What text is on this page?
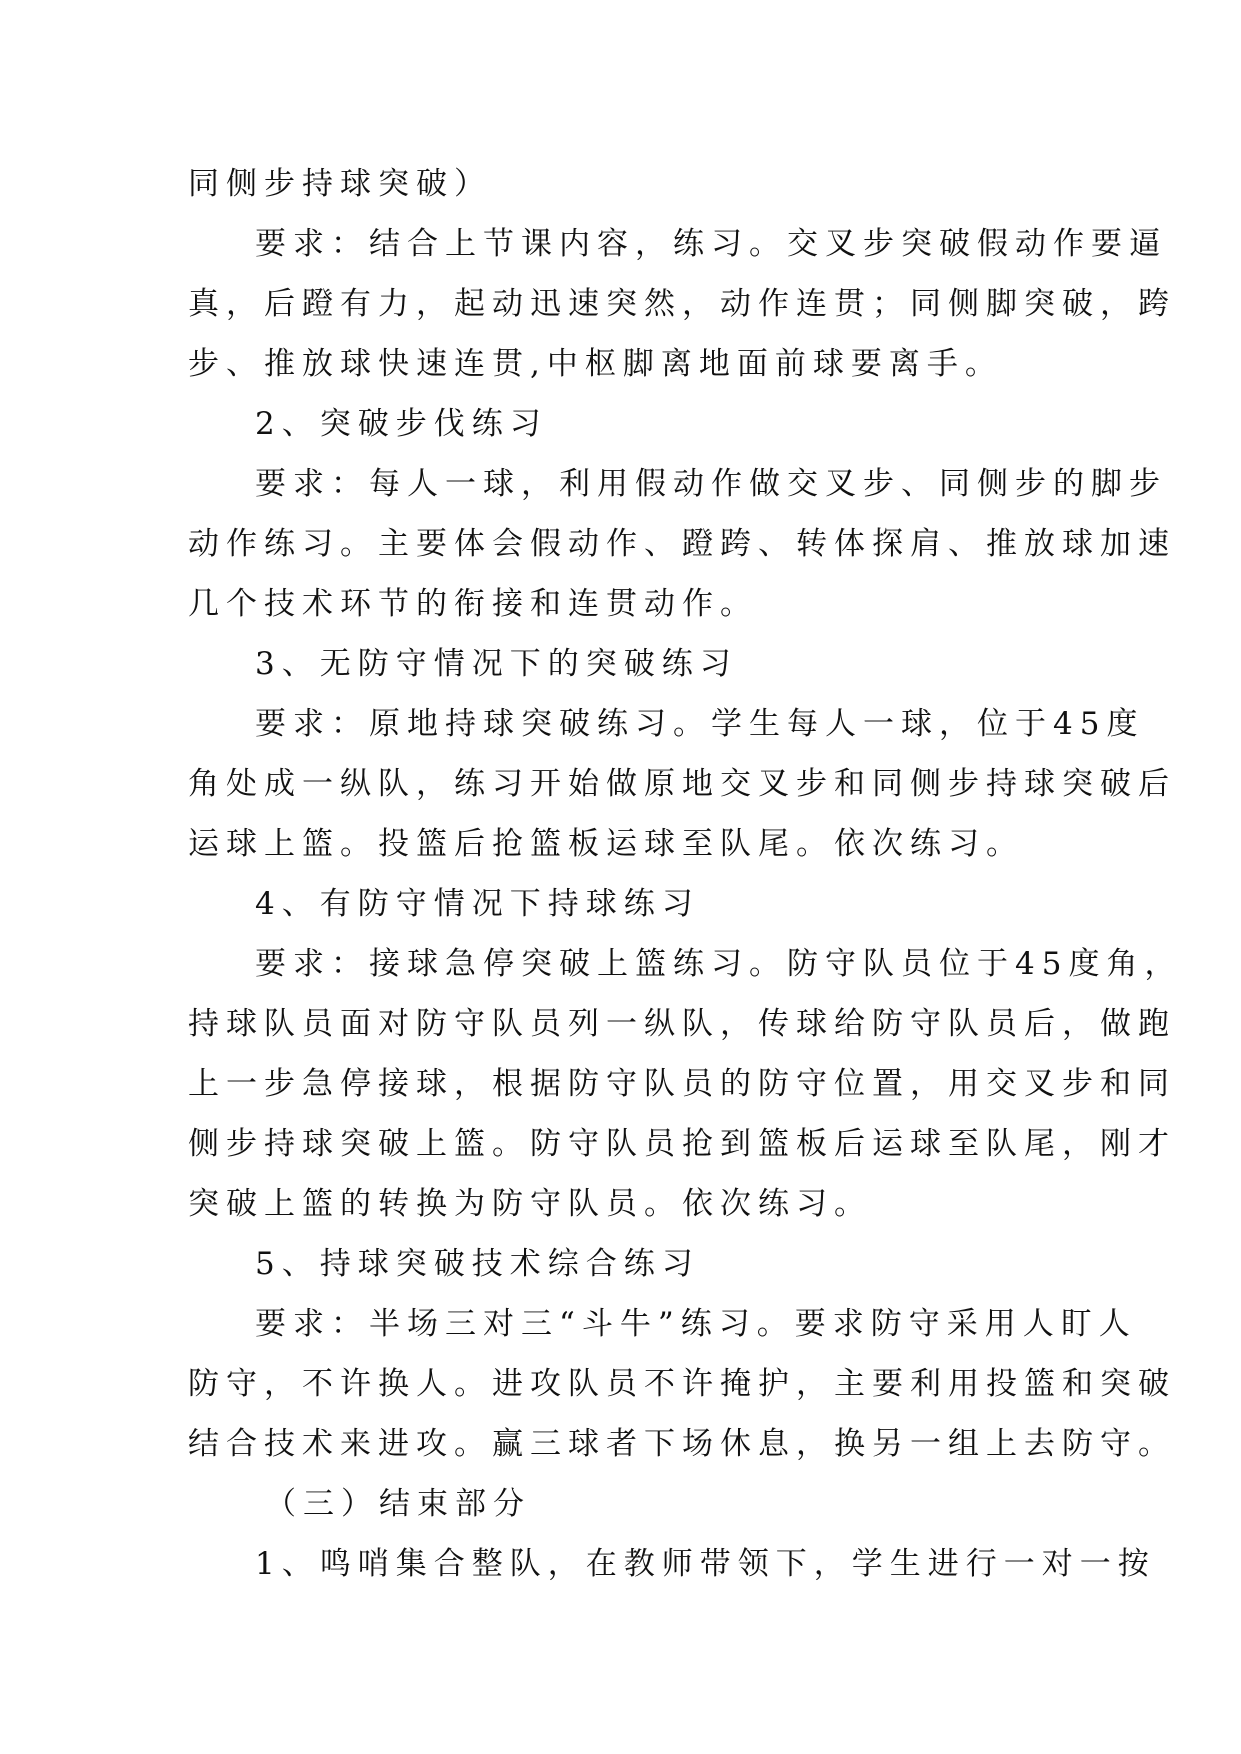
同侧步持球突破）
要求：结合上节课内容，练习。交叉步突破假动作要逼
真，后蹬有力，起动迅速突然，动作连贯；同侧脚突破，跨
步、推放球快速连贯,中枢脚离地面前球要离手。
2、突破步伐练习
要求：每人一球，利用假动作做交叉步、同侧步的脚步
动作练习。主要体会假动作、蹬跨、转体探肩、推放球加速
几个技术环节的衔接和连贯动作。
3、无防守情况下的突破练习
要求：原地持球突破练习。学生每人一球，位于45度
角处成一纵队，练习开始做原地交叉步和同侧步持球突破后
运球上篮。投篮后抢篮板运球至队尾。依次练习。
4、有防守情况下持球练习
要求：接球急停突破上篮练习。防守队员位于45度角，
持球队员面对防守队员列一纵队，传球给防守队员后，做跑
上一步急停接球，根据防守队员的防守位置，用交叉步和同
侧步持球突破上篮。防守队员抢到篮板后运球至队尾，刚才
突破上篮的转换为防守队员。依次练习。
5、持球突破技术综合练习
要求：半场三对三“斗牛”练习。要求防守采用人盯人
防守，不许换人。进攻队员不许掩护，主要利用投篮和突破
结合技术来进攻。赢三球者下场休息，换另一组上去防守。
（三）结束部分
1、鸣哨集合整队，在教师带领下，学生进行一对一按
